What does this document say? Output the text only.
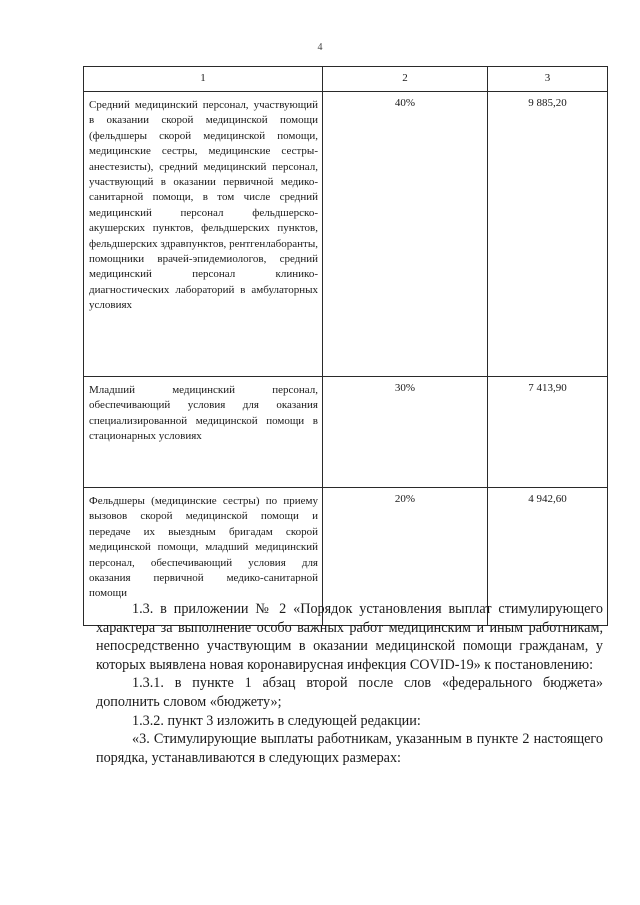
4
1	2	3
Средний медицинский персонал, участвующий в оказании скорой медицинской помощи (фельдшеры скорой медицинской помощи, медицинские сестры, медицинские сестры-анестезисты), средний медицинский персонал, участвующий в оказании первичной медико-санитарной помощи, в том числе средний медицинский персонал фельдшерско-акушерских пунктов, фельдшерских пунктов, фельдшерских здравпунктов, рентгенлаборанты, помощники врачей-эпидемиологов, средний медицинский персонал клинико-диагностических лабораторий в амбулаторных условиях	40%	9 885,20
Младший медицинский персонал, обеспечивающий условия для оказания специализированной медицинской помощи в стационарных условиях	30%	7 413,90
Фельдшеры (медицинские сестры) по приему вызовов скорой медицинской помощи и передаче их выездным бригадам скорой медицинской помощи, младший медицинский персонал, обеспечивающий условия для оказания первичной медико-санитарной помощи	20%	4 942,60

1.3. в приложении № 2 «Порядок установления выплат стимулирующего характера за выполнение особо важных работ медицинским и иным работникам, непосредственно участвующим в оказании медицинской помощи гражданам, у которых выявлена новая коронавирусная инфекция COVID-19» к постановлению:

1.3.1. в пункте 1 абзац второй после слов «федерального бюджета» дополнить словом «бюджету»;

1.3.2. пункт 3 изложить в следующей редакции:

«3. Стимулирующие выплаты работникам, указанным в пункте 2 настоящего порядка, устанавливаются в следующих размерах:
